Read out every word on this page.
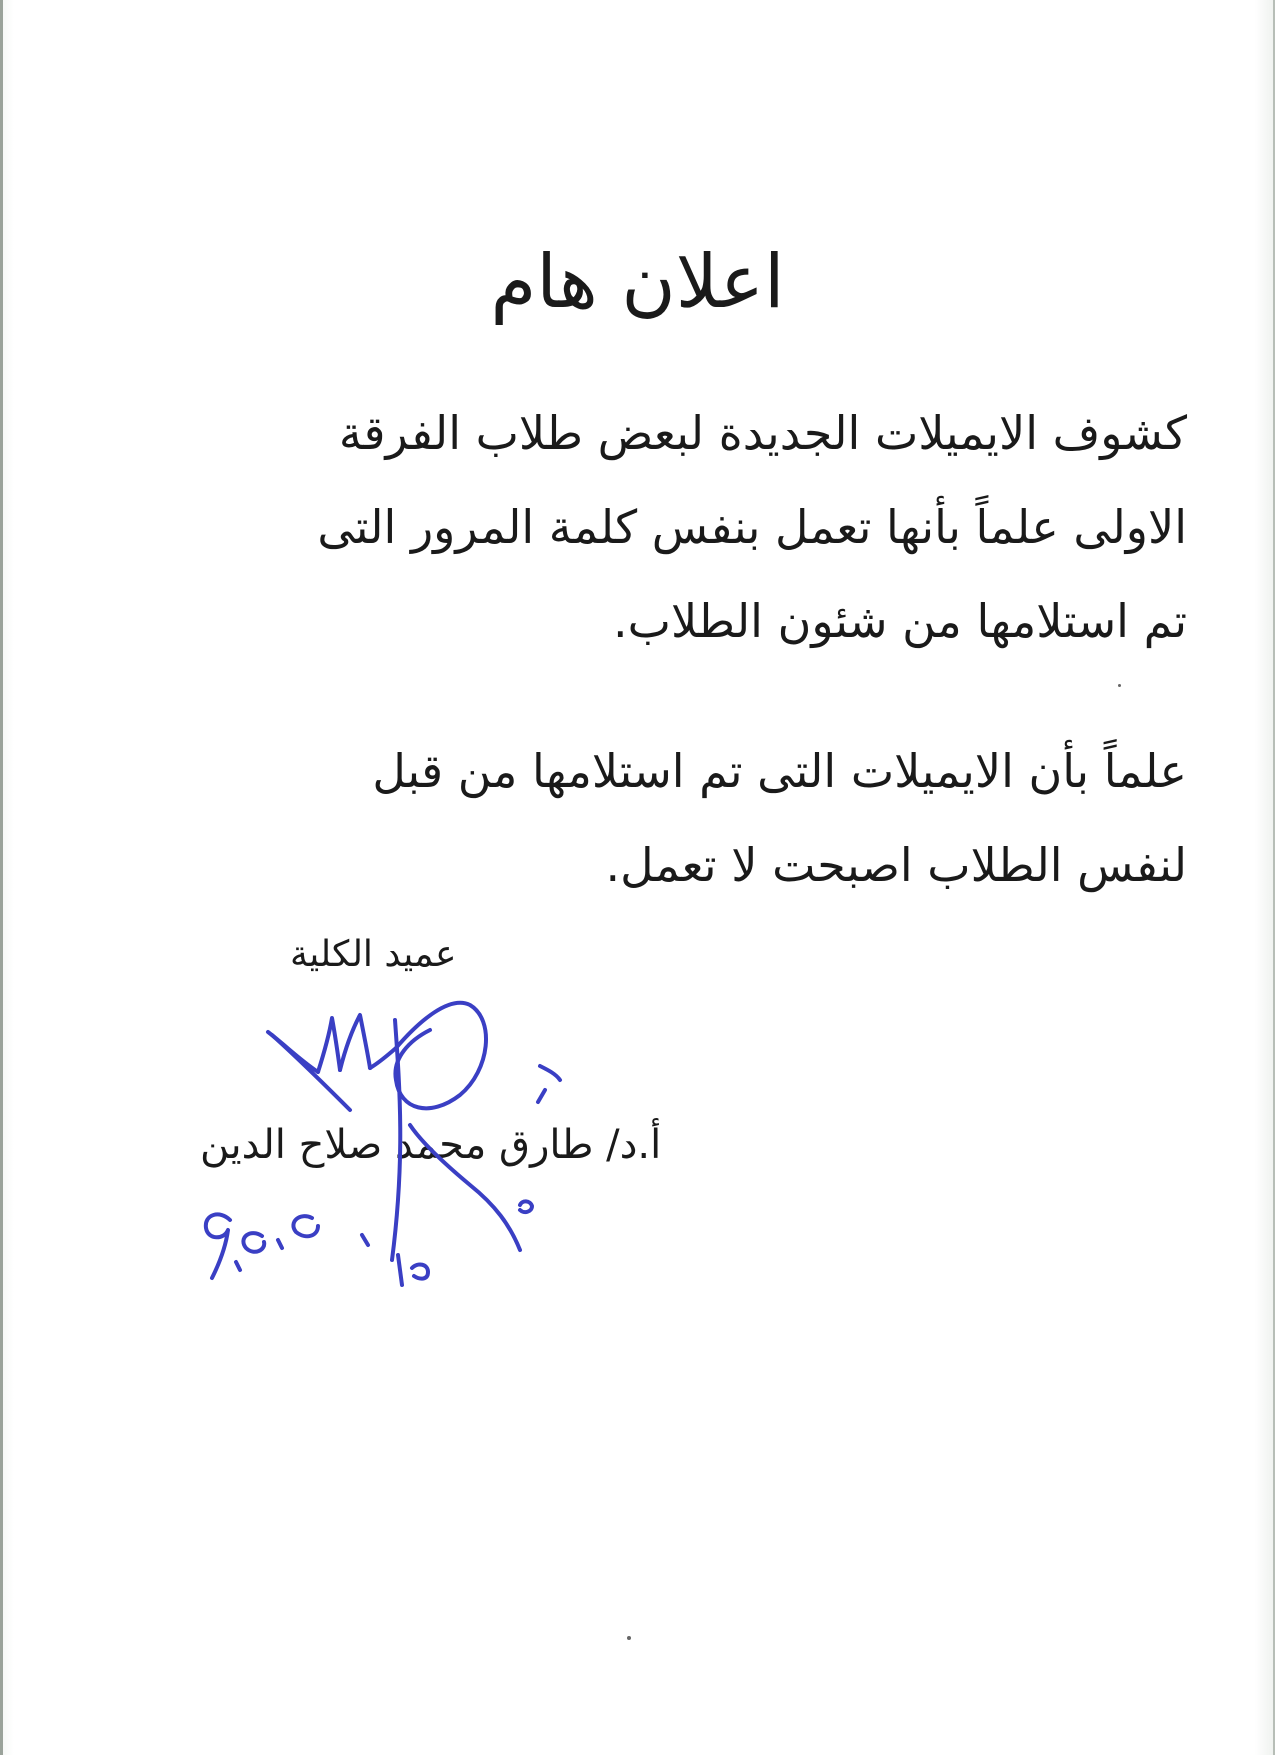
اعلان هام

كشوف الايميلات الجديدة لبعض طلاب الفرقة
الاولى علماً بأنها تعمل بنفس كلمة المرور التى
تم استلامها من شئون الطلاب.

علماً بأن الايميلات التى تم استلامها من قبل
لنفس الطلاب اصبحت لا تعمل.

عميد الكلية

أ.د/ طارق محمد صلاح الدين
